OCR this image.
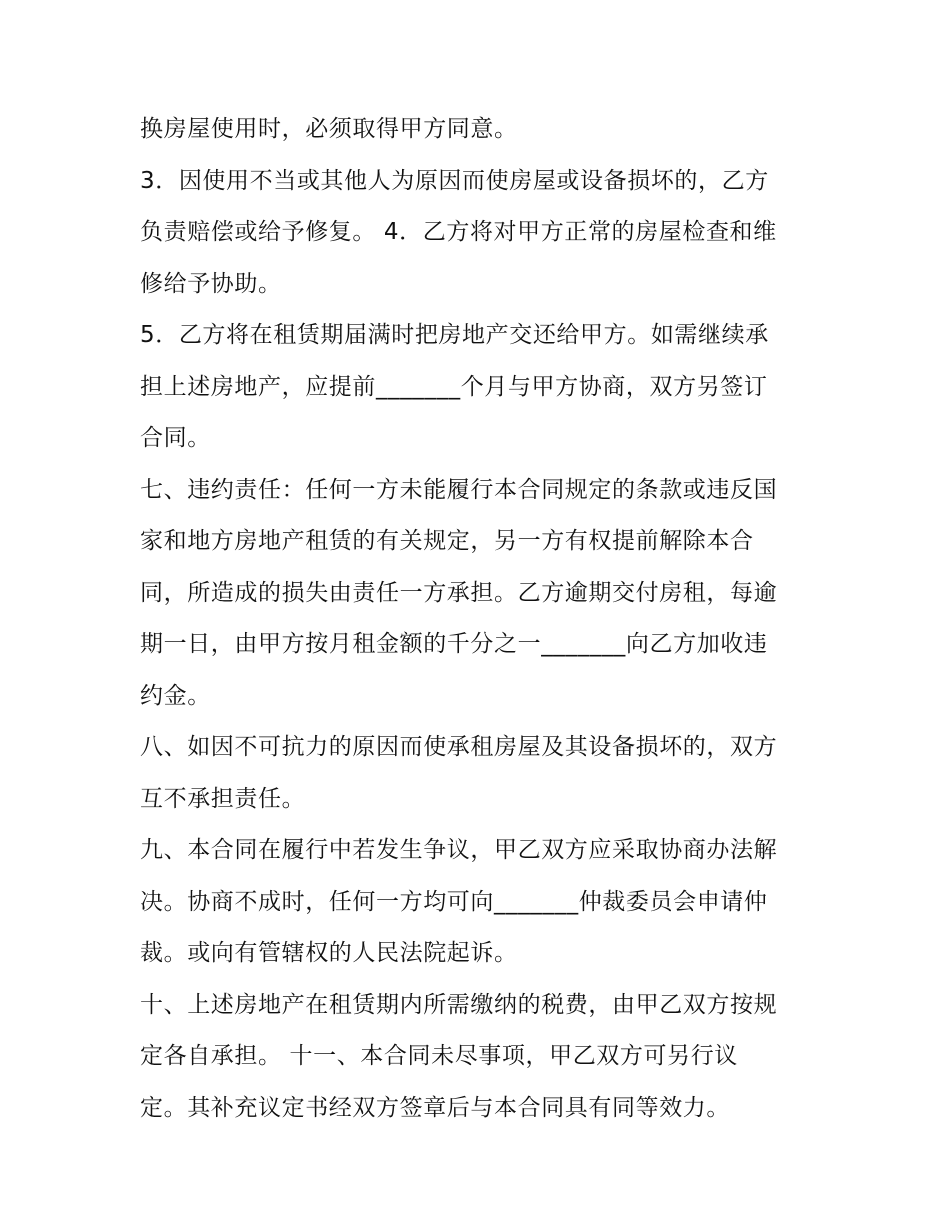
换房屋使用时，必须取得甲方同意。
3．因使用不当或其他人为原因而使房屋或设备损坏的，乙方
负责赔偿或给予修复。 4．乙方将对甲方正常的房屋检查和维
修给予协助。
5．乙方将在租赁期届满时把房地产交还给甲方。如需继续承
担上述房地产，应提前_______个月与甲方协商，双方另签订
合同。
七、违约责任：任何一方未能履行本合同规定的条款或违反国
家和地方房地产租赁的有关规定，另一方有权提前解除本合
同，所造成的损失由责任一方承担。乙方逾期交付房租，每逾
期一日，由甲方按月租金额的千分之一_______向乙方加收违
约金。
八、如因不可抗力的原因而使承租房屋及其设备损坏的，双方
互不承担责任。
九、本合同在履行中若发生争议，甲乙双方应采取协商办法解
决。协商不成时，任何一方均可向_______仲裁委员会申请仲
裁。或向有管辖权的人民法院起诉。
十、上述房地产在租赁期内所需缴纳的税费，由甲乙双方按规
定各自承担。 十一、本合同未尽事项，甲乙双方可另行议
定。其补充议定书经双方签章后与本合同具有同等效力。
